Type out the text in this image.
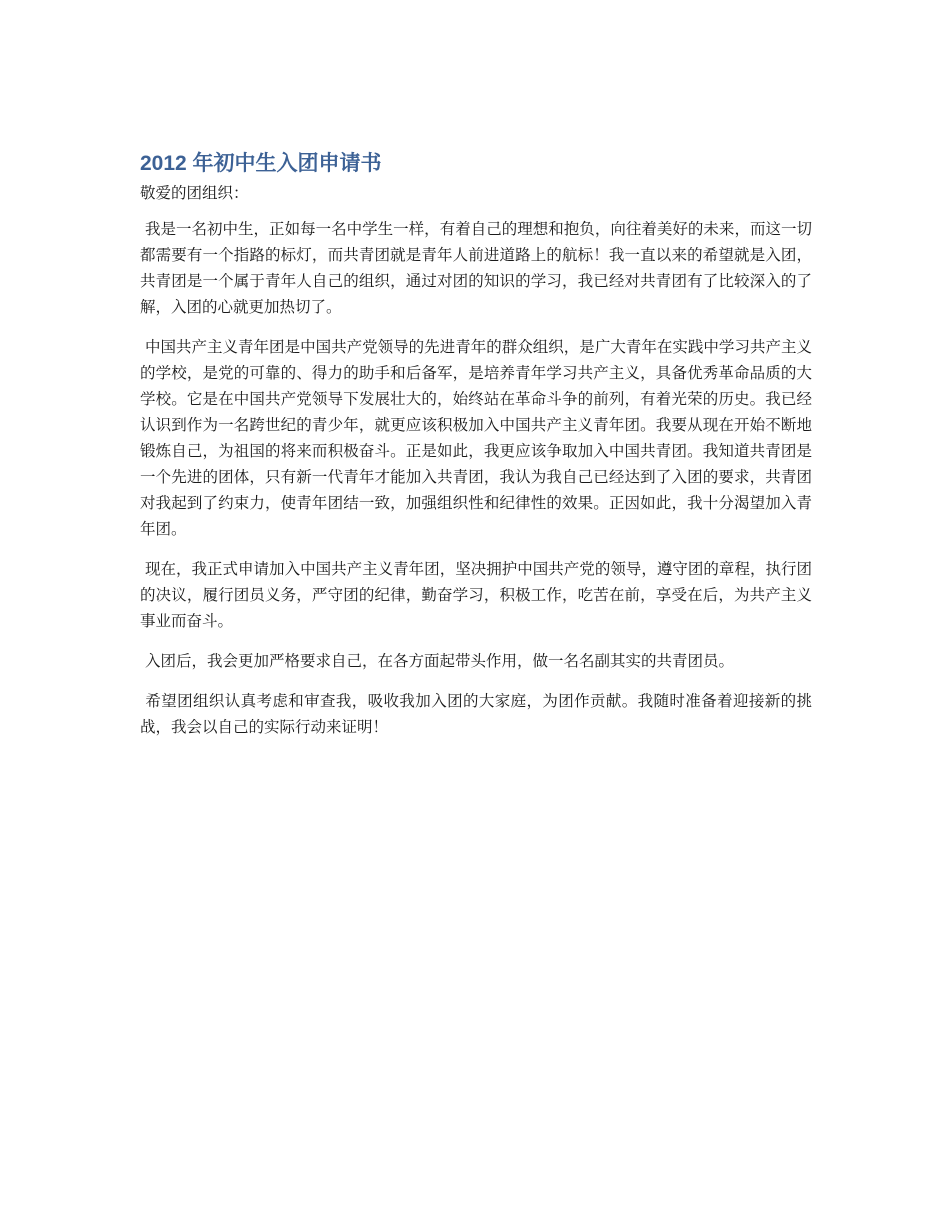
2012 年初中生入团申请书

敬爱的团组织：

我是一名初中生，正如每一名中学生一样，有着自己的理想和抱负，向往着美好的未来，而这一切都需要有一个指路的标灯，而共青团就是青年人前进道路上的航标！我一直以来的希望就是入团，共青团是一个属于青年人自己的组织，通过对团的知识的学习，我已经对共青团有了比较深入的了解，入团的心就更加热切了。

中国共产主义青年团是中国共产党领导的先进青年的群众组织，是广大青年在实践中学习共产主义的学校，是党的可靠的、得力的助手和后备军，是培养青年学习共产主义，具备优秀革命品质的大学校。它是在中国共产党领导下发展壮大的，始终站在革命斗争的前列，有着光荣的历史。我已经认识到作为一名跨世纪的青少年，就更应该积极加入中国共产主义青年团。我要从现在开始不断地锻炼自己，为祖国的将来而积极奋斗。正是如此，我更应该争取加入中国共青团。我知道共青团是一个先进的团体，只有新一代青年才能加入共青团，我认为我自己已经达到了入团的要求，共青团对我起到了约束力，使青年团结一致，加强组织性和纪律性的效果。正因如此，我十分渴望加入青年团。

现在，我正式申请加入中国共产主义青年团，坚决拥护中国共产党的领导，遵守团的章程，执行团的决议，履行团员义务，严守团的纪律，勤奋学习，积极工作，吃苦在前，享受在后，为共产主义事业而奋斗。

入团后，我会更加严格要求自己，在各方面起带头作用，做一名名副其实的共青团员。

希望团组织认真考虑和审查我，吸收我加入团的大家庭，为团作贡献。我随时准备着迎接新的挑战，我会以自己的实际行动来证明！
